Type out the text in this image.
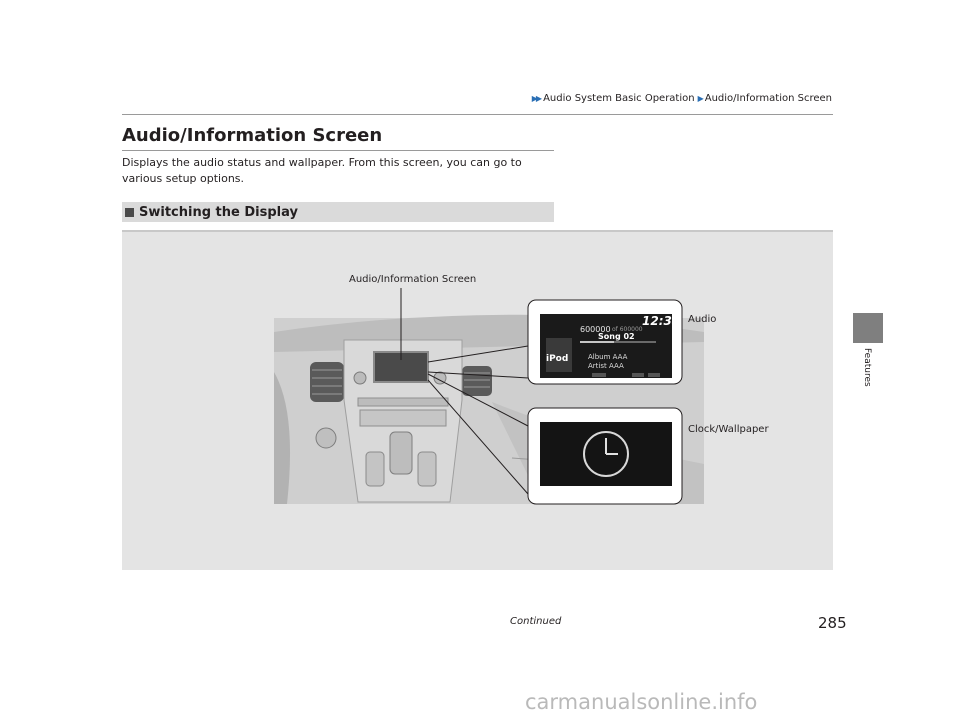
▶▶ Audio System Basic Operation ▶ Audio/Information Screen
Features
Audio/Information Screen

Displays the audio status and wallpaper. From this screen, you can go to various setup options.

Switching the Display
Audio/Information Screen
Audio
Clock/Wallpaper
12:34
600000 of 600000
Song 02
iPod	Album AAA
Artist AAA
Continued	285
carmanualsonline.info
